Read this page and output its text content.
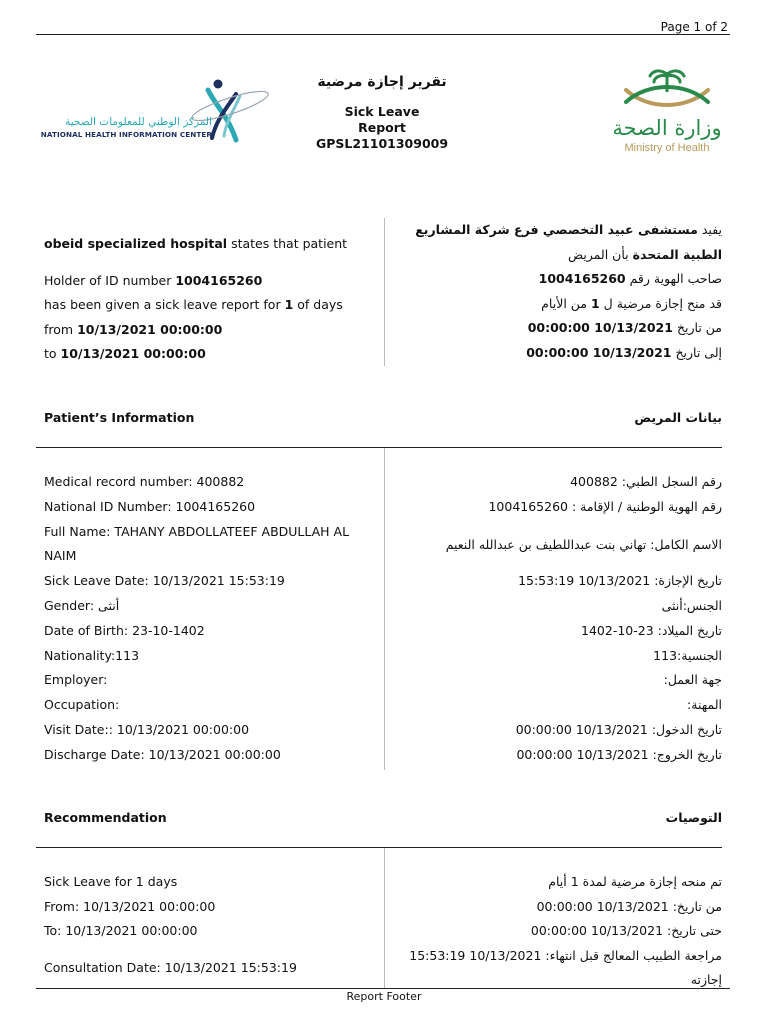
Page 1 of 2
المركز الوطني للمعلومات الصحية
NATIONAL HEALTH INFORMATION CENTER
تقرير إجازة مرضية
Sick Leave
Report
GPSL21101309009
وزارة الصحة
Ministry of Health
obeid specialized hospital states that patient
Holder of ID number 1004165260
has been given a sick leave report for 1 of days
from 10/13/2021 00:00:00
to 10/13/2021 00:00:00
يفيد مستشفى عبيد التخصصي فرع شركة المشاريع الطبية المتحدة بأن المريض
صاحب الهوية رقم 1004165260
قد منح إجازة مرضية ل 1 من الأيام
من تاريخ 10/13/2021 00:00:00
إلى تاريخ 10/13/2021 00:00:00
Patient’s Information	بيانات المريض
Medical record number: 400882
National ID Number: 1004165260
Full Name: TAHANY ABDOLLATEEF ABDULLAH AL NAIM
Sick Leave Date: 10/13/2021 15:53:19
Gender: أنثى
Date of Birth: 23-10-1402
Nationality:113
Employer:
Occupation:
Visit Date:: 10/13/2021 00:00:00
Discharge Date: 10/13/2021 00:00:00
رقم السجل الطبي: 400882
رقم الهوية الوطنية / الإقامة : 1004165260
الاسم الكامل: تهاني بنت عبداللطيف بن عبدالله النعيم
تاريخ الإجازة: 10/13/2021 15:53:19
الجنس:أنثى
تاريخ الميلاد: 23-10-1402
الجنسية:113
جهة العمل:
المهنة:
تاريخ الدخول: 10/13/2021 00:00:00
تاريخ الخروج: 10/13/2021 00:00:00
Recommendation	التوصيات
Sick Leave for 1 days
From: 10/13/2021 00:00:00
To: 10/13/2021 00:00:00
Consultation Date: 10/13/2021 15:53:19
تم منحه إجازة مرضية لمدة 1 أيام
من تاريخ: 10/13/2021 00:00:00
حتى تاريخ: 10/13/2021 00:00:00
مراجعة الطبيب المعالج قبل انتهاء: 10/13/2021 15:53:19 إجازته
Report Footer
